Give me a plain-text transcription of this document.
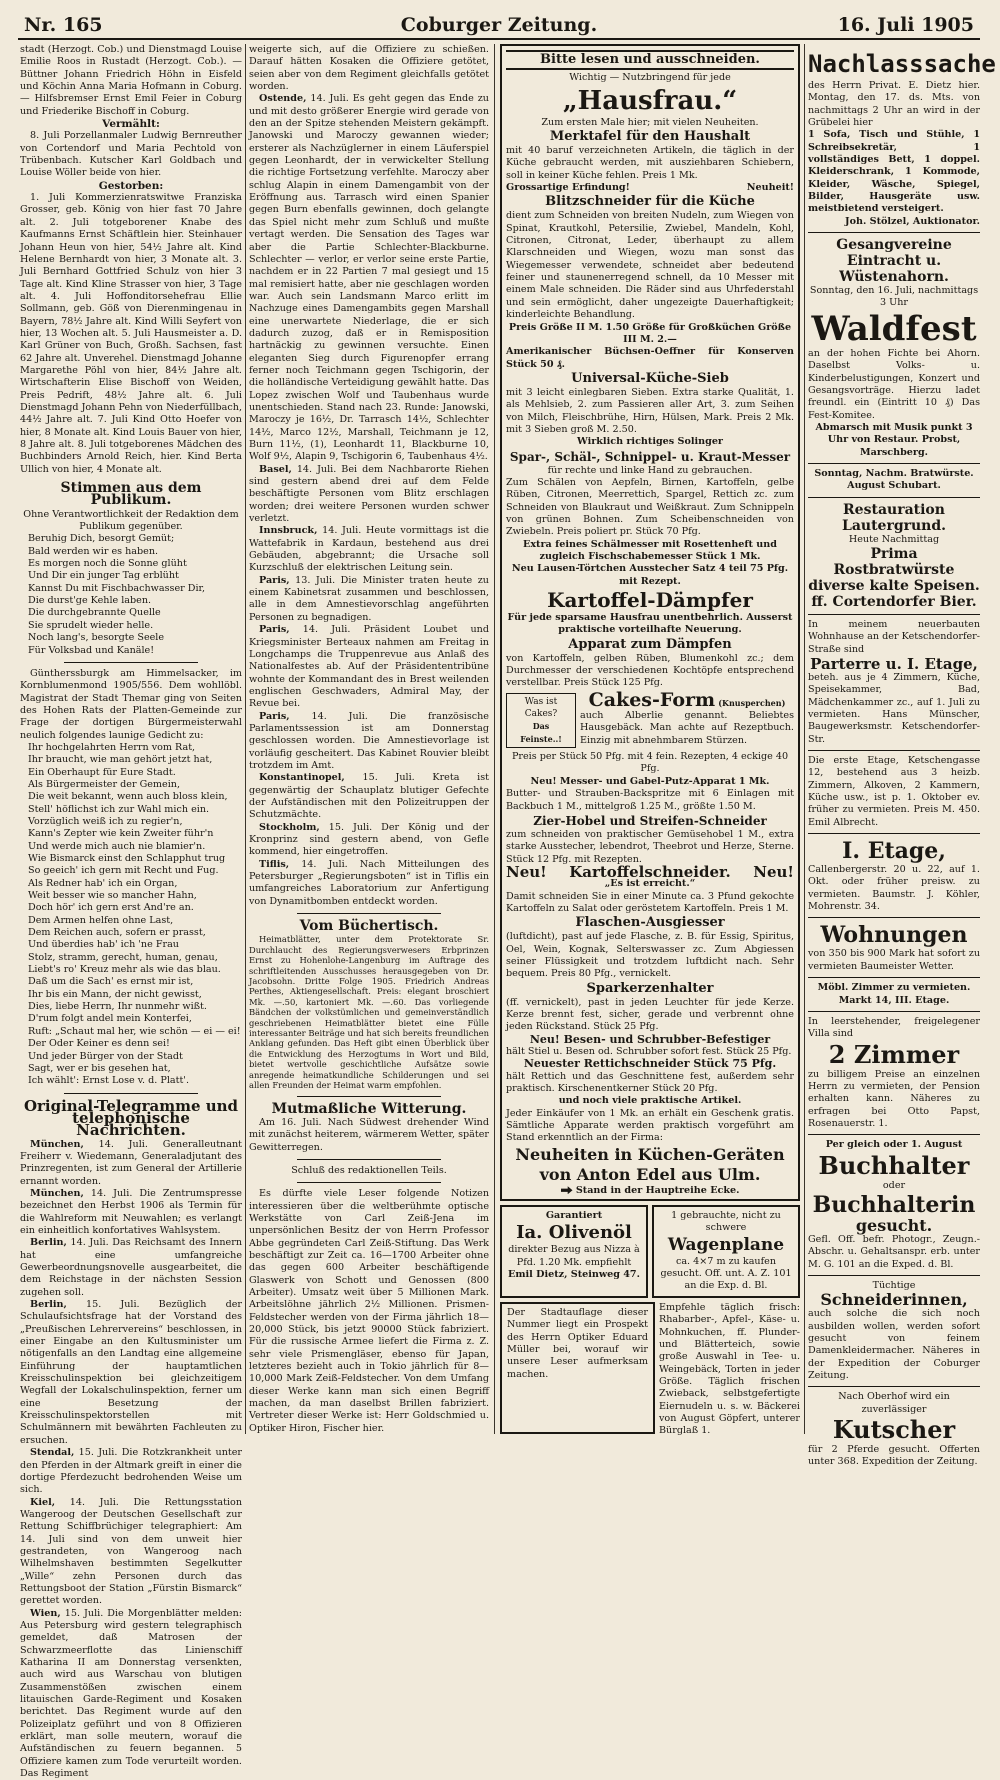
Nr. 165	Coburger Zeitung.	16. Juli 1905

stadt (Herzogt. Cob.) und Dienstmagd Louise Emilie Roos in Rustadt (Herzogt. Cob.). — Büttner Johann Friedrich Höhn in Eisfeld und Köchin Anna Maria Hofmann in Coburg. — Hilfsbremser Ernst Emil Feier in Coburg und Friederike Bischoff in Coburg.

Vermählt:

8. Juli Porzellanmaler Ludwig Bernreuther von Cortendorf und Maria Pechtold von Trübenbach. Kutscher Karl Goldbach und Louise Wöller beide von hier.

Gestorben:

1. Juli Kommerzienratswitwe Franziska Grosser, geb. König von hier fast 70 Jahre alt. 2. Juli totgeborener Knabe des Kaufmanns Ernst Schäftlein hier. Steinhauer Johann Heun von hier, 54½ Jahre alt. Kind Helene Bernhardt von hier, 3 Monate alt. 3. Juli Bernhard Gottfried Schulz von hier 3 Tage alt. Kind Kline Strasser von hier, 3 Tage alt. 4. Juli Hoffonditorsehefrau Ellie Sollmann, geb. Göß von Dierenmingenau in Bayern, 78½ Jahre alt. Kind Willi Seyfert von hier, 13 Wochen alt. 5. Juli Hausmeister a. D. Karl Grüner von Buch, Großh. Sachsen, fast 62 Jahre alt. Unverehel. Dienstmagd Johanne Margarethe Pöhl von hier, 84½ Jahre alt. Wirtschafterin Elise Bischoff von Weiden, Preis Pedrift, 48½ Jahre alt. 6. Juli Dienstmagd Johann Pehn von Niederfüllbach, 44½ Jahre alt. 7. Juli Kind Otto Hoefer von hier, 8 Monate alt. Kind Louis Bauer von hier, 8 Jahre alt. 8. Juli totgeborenes Mädchen des Buchbinders Arnold Reich, hier. Kind Berta Ullich von hier, 4 Monate alt.

Stimmen aus dem Publikum.

Ohne Verantwortlichkeit der Redaktion dem Publikum gegenüber.

Beruhig Dich, besorgt Gemüt;

Bald werden wir es haben.

Es morgen noch die Sonne glüht

Und Dir ein junger Tag erblüht

Kannst Du mit Fischbachwasser Dir,

Die durst'ge Kehle laben.

Die durchgebrannte Quelle

Sie sprudelt wieder helle.

Noch lang's, besorgte Seele

Für Volksbad und Kanäle!

Güntherssburgk am Himmelsacker, im Kornblumenmond 1905/556. Dem wohllöbl. Magistrat der Stadt Themar ging von Seiten des Hohen Rats der Platten-Gemeinde zur Frage der dortigen Bürgermeisterwahl neulich folgendes launige Gedicht zu:

Ihr hochgelahrten Herrn vom Rat,

Ihr braucht, wie man gehört jetzt hat,

Ein Oberhaupt für Eure Stadt.

Als Bürgermeister der Gemein,

Die weit bekannt, wenn auch bloss klein,

Stell' höflichst ich zur Wahl mich ein.

Vorzüglich weiß ich zu regier'n,

Kann's Zepter wie kein Zweiter führ'n

Und werde mich auch nie blamier'n.

Wie Bismarck einst den Schlapphut trug

So geeich' ich gern mit Recht und Fug.

Als Redner hab' ich ein Organ,

Weit besser wie so mancher Hahn,

Doch hör' ich gern erst And're an.

Dem Armen helfen ohne Last,

Dem Reichen auch, sofern er prasst,

Und überdies hab' ich 'ne Frau

Stolz, stramm, gerecht, human, genau,

Liebt's ro' Kreuz mehr als wie das blau.

Daß um die Sach' es ernst mir ist,

Ihr bis ein Mann, der nicht gewisst,

Dies, liebe Herrn, Ihr nunmehr wißt.

D'rum folgt andel mein Konterfei,

Ruft: „Schaut mal her, wie schön — ei — ei!

Der Oder Keiner es denn sei!

Und jeder Bürger von der Stadt

Sagt, wer er bis gesehen hat,

Ich wählt': Ernst Lose v. d. Platt'.

Original-Telegramme und telephonische Nachrichten.

München, 14. Juli. Generalleutnant Freiherr v. Wiedemann, Generaladjutant des Prinzregenten, ist zum General der Artillerie ernannt worden.

München, 14. Juli. Die Zentrumspresse bezeichnet den Herbst 1906 als Termin für die Wahlreform mit Neuwahlen; es verlangt ein einheitlich konfortatives Wahlsystem.

Berlin, 14. Juli. Das Reichsamt des Innern hat eine umfangreiche Gewerbeordnungsnovelle ausgearbeitet, die dem Reichstage in der nächsten Session zugehen soll.

Berlin, 15. Juli. Bezüglich der Schulaufsichtsfrage hat der Vorstand des „Preußischen Lehrervereins“ beschlossen, in einer Eingabe an den Kultusminister um nötigenfalls an den Landtag eine allgemeine Einführung der hauptamtlichen Kreisschulinspektion bei gleichzeitigem Wegfall der Lokalschulinspektion, ferner um eine Besetzung der Kreisschulinspektorstellen mit Schulmännern mit bewährten Fachleuten zu ersuchen.

Stendal, 15. Juli. Die Rotzkrankheit unter den Pferden in der Altmark greift in einer die dortige Pferdezucht bedrohenden Weise um sich.

Kiel, 14. Juli. Die Rettungsstation Wangeroog der Deutschen Gesellschaft zur Rettung Schiffbrüchiger telegraphiert: Am 14. Juli sind von dem unweit hier gestrandeten, von Wangeroog nach Wilhelmshaven bestimmten Segelkutter „Wille“ zehn Personen durch das Rettungsboot der Station „Fürstin Bismarck“ gerettet worden.

Wien, 15. Juli. Die Morgenblätter melden: Aus Petersburg wird gestern telegraphisch gemeldet, daß Matrosen der Schwarzmeerflotte das Linienschiff Katharina II am Donnerstag versenkten, auch wird aus Warschau von blutigen Zusammenstößen zwischen einem litauischen Garde-Regiment und Kosaken berichtet. Das Regiment wurde auf den Polizeiplatz geführt und von 8 Offizieren erklärt, man solle meutern, worauf die Aufständischen zu feuern begannen. 5 Offiziere kamen zum Tode verurteilt worden. Das Regiment

weigerte sich, auf die Offiziere zu schießen. Darauf hätten Kosaken die Offiziere getötet, seien aber von dem Regiment gleichfalls getötet worden.

Ostende, 14. Juli. Es geht gegen das Ende zu und mit desto größerer Energie wird gerade von den an der Spitze stehenden Meistern gekämpft. Janowski und Maroczy gewannen wieder; ersterer als Nachzüglerner in einem Läuferspiel gegen Leonhardt, der in verwickelter Stellung die richtige Fortsetzung verfehlte. Maroczy aber schlug Alapin in einem Damengambit von der Eröffnung aus. Tarrasch wird einen Spanier gegen Burn ebenfalls gewinnen, doch gelangte das Spiel nicht mehr zum Schluß und mußte vertagt werden. Die Sensation des Tages war aber die Partie Schlechter-Blackburne. Schlechter — verlor, er verlor seine erste Partie, nachdem er in 22 Partien 7 mal gesiegt und 15 mal remisiert hatte, aber nie geschlagen worden war. Auch sein Landsmann Marco erlitt im Nachzuge eines Damengambits gegen Marshall eine unerwartete Niederlage, die er sich dadurch zuzog, daß er in Remisposition hartnäckig zu gewinnen versuchte. Einen eleganten Sieg durch Figurenopfer errang ferner noch Teichmann gegen Tschigorin, der die holländische Verteidigung gewählt hatte. Das Lopez zwischen Wolf und Taubenhaus wurde unentschieden. Stand nach 23. Runde: Janowski, Maroczy je 16½, Dr. Tarrasch 14½, Schlechter 14½, Marco 12½, Marshall, Teichmann je 12, Burn 11½, (1), Leonhardt 11, Blackburne 10, Wolf 9½, Alapin 9, Tschigorin 6, Taubenhaus 4½.

Basel, 14. Juli. Bei dem Nachbarorte Riehen sind gestern abend drei auf dem Felde beschäftigte Personen vom Blitz erschlagen worden; drei weitere Personen wurden schwer verletzt.

Innsbruck, 14. Juli. Heute vormittags ist die Wattefabrik in Kardaun, bestehend aus drei Gebäuden, abgebrannt; die Ursache soll Kurzschluß der elektrischen Leitung sein.

Paris, 13. Juli. Die Minister traten heute zu einem Kabinetsrat zusammen und beschlossen, alle in dem Amnestievorschlag angeführten Personen zu begnadigen.

Paris, 14. Juli. Präsident Loubet und Kriegsminister Berteaux nahmen am Freitag in Longchamps die Truppenrevue aus Anlaß des Nationalfestes ab. Auf der Präsidententribüne wohnte der Kommandant des in Brest weilenden englischen Geschwaders, Admiral May, der Revue bei.

Paris, 14. Juli. Die französische Parlamentssession ist am Donnerstag geschlossen worden. Die Amnestievorlage ist vorläufig gescheitert. Das Kabinet Rouvier bleibt trotzdem im Amt.

Konstantinopel, 15. Juli. Kreta ist gegenwärtig der Schauplatz blutiger Gefechte der Aufständischen mit den Polizeitruppen der Schutzmächte.

Stockholm, 15. Juli. Der König und der Kronprinz sind gestern abend, von Gefle kommend, hier eingetroffen.

Tiflis, 14. Juli. Nach Mitteilungen des Petersburger „Regierungsboten“ ist in Tiflis ein umfangreiches Laboratorium zur Anfertigung von Dynamitbomben entdeckt worden.

Vom Büchertisch.

Heimatblätter, unter dem Protektorate Sr. Durchlaucht des Regierungsverwesers Erbprinzen Ernst zu Hohenlohe-Langenburg im Auftrage des schriftleitenden Ausschusses herausgegeben von Dr. Jacobsohn. Dritte Folge 1905. Friedrich Andreas Perthes, Aktiengesellschaft. Preis: elegant broschiert Mk. —.50, kartoniert Mk. —.60. Das vorliegende Bändchen der volkstümlichen und gemeinverständlich geschriebenen Heimatblätter bietet eine Fülle interessanter Beiträge und hat sich bereits freundlichen Anklang gefunden. Das Heft gibt einen Überblick über die Entwicklung des Herzogtums in Wort und Bild, bietet wertvolle geschichtliche Aufsätze sowie anregende heimatkundliche Schilderungen und sei allen Freunden der Heimat warm empfohlen.

Mutmaßliche Witterung.

Am 16. Juli. Nach Südwest drehender Wind mit zunächst heiterem, wärmerem Wetter, später Gewitterregen.

Schluß des redaktionellen Teils.

Es dürfte viele Leser folgende Notizen interessieren über die weltberühmte optische Werkstätte von Carl Zeiß-Jena im unpersönlichen Besitz der von Herrn Professor Abbe gegründeten Carl Zeiß-Stiftung. Das Werk beschäftigt zur Zeit ca. 16—1700 Arbeiter ohne das gegen 600 Arbeiter beschäftigende Glaswerk von Schott und Genossen (800 Arbeiter). Umsatz weit über 5 Millionen Mark. Arbeitslöhne jährlich 2½ Millionen. Prismen-Feldstecher werden von der Firma jährlich 18—20,000 Stück, bis jetzt 90000 Stück fabriziert. Für die russische Armee liefert die Firma z. Z. sehr viele Prismengläser, ebenso für Japan, letzteres bezieht auch in Tokio jährlich für 8—10,000 Mark Zeiß-Feldstecher. Von dem Umfang dieser Werke kann man sich einen Begriff machen, da man daselbst Brillen fabriziert. Vertreter dieser Werke ist: Herr Goldschmied u. Optiker Hiron, Fischer hier.

Bitte lesen und ausschneiden.

Wichtig — Nutzbringend für jede

„Hausfrau.“

Zum ersten Male hier; mit vielen Neuheiten.

Merktafel für den Haushalt

mit 40 baruf verzeichneten Artikeln, die täglich in der Küche gebraucht werden, mit ausziehbaren Schiebern, soll in keiner Küche fehlen. Preis 1 Mk.

Grossartige Erfindung!	Neuheit!

Blitzschneider für die Küche

dient zum Schneiden von breiten Nudeln, zum Wiegen von Spinat, Krautkohl, Petersilie, Zwiebel, Mandeln, Kohl, Citronen, Citronat, Leder, überhaupt zu allem Klarschneiden und Wiegen, wozu man sonst das Wiegemesser verwendete, schneidet aber bedeutend feiner und staunenerregend schnell, da 10 Messer mit einem Male schneiden. Die Räder sind aus Uhrfederstahl und sein ermöglicht, daher ungezeigte Dauerhaftigkeit; kinderleichte Behandlung.

Preis Größe II M. 1.50 Größe für Großküchen Größe III M. 2.—

Amerikanischer Büchsen-Oeffner für Konserven Stück 50 ₰.

Universal-Küche-Sieb

mit 3 leicht einlegbaren Sieben. Extra starke Qualität, 1. als Mehlsieb, 2. zum Passieren aller Art, 3. zum Seihen von Milch, Fleischbrühe, Hirn, Hülsen, Mark. Preis 2 Mk. mit 3 Sieben groß M. 2.50.

Wirklich richtiges Solinger

Spar-, Schäl-, Schnippel- u. Kraut-Messer

für rechte und linke Hand zu gebrauchen.

Zum Schälen von Aepfeln, Birnen, Kartoffeln, gelbe Rüben, Citronen, Meerrettich, Spargel, Rettich zc. zum Schneiden von Blaukraut und Weißkraut. Zum Schnippeln von grünen Bohnen. Zum Scheibenschneiden von Zwiebeln. Preis poliert pr. Stück 70 Pfg.

Extra feines Schälmesser mit Rosettenheft und zugleich Fischschabemesser Stück 1 Mk.

Neu Lausen-Törtchen Ausstecher Satz 4 teil 75 Pfg. mit Rezept.

Kartoffel-Dämpfer

Für jede sparsame Hausfrau unentbehrlich. Ausserst praktische vorteilhafte Neuerung.

Apparat zum Dämpfen

von Kartoffeln, gelben Rüben, Blumenkohl zc.; dem Durchmesser der verschiedenen Kochtöpfe entsprechend verstellbar. Preis Stück 125 Pfg.

Was ist Cakes?
Das Feinste..!
Cakes-Form (Knusperchen)

auch Alberlie genannt. Beliebtes Hausgebäck. Man achte auf Rezeptbuch. Einzig mit abnehmbarem Stürzen.

Preis per Stück 50 Pfg. mit 4 fein. Rezepten, 4 eckige 40 Pfg.

Neu! Messer- und Gabel-Putz-Apparat 1 Mk.

Butter- und Strauben-Backspritze mit 6 Einlagen mit Backbuch 1 M., mittelgroß 1.25 M., größte 1.50 M.

Zier-Hobel und Streifen-Schneider

zum schneiden von praktischer Gemüsehobel 1 M., extra starke Ausstecher, lebendrot, Theebrot und Herze, Sterne. Stück 12 Pfg. mit Rezepten.

Neu! Kartoffelschneider. Neu!

„Es ist erreicht.“

Damit schneiden Sie in einer Minute ca. 3 Pfund gekochte Kartoffeln zu Salat oder geröstetem Kartoffeln. Preis 1 M.

Flaschen-Ausgiesser

(luftdicht), past auf jede Flasche, z. B. für Essig, Spiritus, Oel, Wein, Kognak, Selterswasser zc. Zum Abgiessen seiner Flüssigkeit und trotzdem luftdicht nach. Sehr bequem. Preis 80 Pfg., vernickelt.

Sparkerzenhalter

(ff. vernickelt), past in jeden Leuchter für jede Kerze. Kerze brennt fest, sicher, gerade und verbrennt ohne jeden Rückstand. Stück 25 Pfg.

Neu! Besen- und Schrubber-Befestiger

hält Stiel u. Besen od. Schrubber sofort fest. Stück 25 Pfg.

Neuester Rettichschneider Stück 75 Pfg.

hält Rettich und das Geschnittene fest, außerdem sehr praktisch. Kirschenentkerner Stück 20 Pfg.

und noch viele praktische Artikel.

Jeder Einkäufer von 1 Mk. an erhält ein Geschenk gratis. Sämtliche Apparate werden praktisch vorgeführt am Stand erkenntlich an der Firma:

Neuheiten in Küchen-Geräten
von Anton Edel aus Ulm.

Stand in der Hauptreihe Ecke.

Garantiert
Ia. Olivenöl

direkter Bezug aus Nizza à Pfd. 1.20 Mk. empfiehlt

Emil Dietz, Steinweg 47.

1 gebrauchte, nicht zu schwere

Wagenplane

ca. 4×7 m zu kaufen gesucht. Off. unt. A. Z. 101 an die Exp. d. Bl.

Der Stadtauflage dieser Nummer liegt ein Prospekt des Herrn Optiker Eduard Müller bei, worauf wir unsere Leser aufmerksam machen.

Empfehle täglich frisch: Rhabarber-, Apfel-, Käse- u. Mohnkuchen, ff. Plunder- und Blätterteich, sowie große Auswahl in Tee- u. Weingebäck, Torten in jeder Größe. Täglich frischen Zwieback, selbstgefertigte Eiernudeln u. s. w. Bäckerei von August Göpfert, unterer Bürglaß 1.

Nachlasssache

des Herrn Privat. E. Dietz hier. Montag, den 17. ds. Mts. von nachmittags 2 Uhr an wird in der Grübelei hier

1 Sofa, Tisch und Stühle, 1 Schreibsekretär, 1 vollständiges Bett, 1 doppel. Kleiderschrank, 1 Kommode, Kleider, Wäsche, Spiegel, Bilder, Hausgeräte usw. meistbietend versteigert.

Joh. Stölzel, Auktionator.

Gesangvereine Eintracht u. Wüstenahorn.

Sonntag, den 16. Juli, nachmittags 3 Uhr

Waldfest

an der hohen Fichte bei Ahorn. Daselbst Volks- u. Kinderbelustigungen, Konzert und Gesangsvorträge. Hierzu ladet freundl. ein (Eintritt 10 ₰) Das Fest-Komitee.

Abmarsch mit Musik punkt 3 Uhr von Restaur. Probst, Marschberg.

Sonntag, Nachm. Bratwürste. August Schubart.

Restauration Lautergrund.

Heute Nachmittag

Prima Rostbratwürste
diverse kalte Speisen.
ff. Cortendorfer Bier.

In meinem neuerbauten Wohnhause an der Ketschendorfer-Straße sind

Parterre u. I. Etage,

beteh. aus je 4 Zimmern, Küche, Speisekammer, Bad, Mädchenkammer zc., auf 1. Juli zu vermieten. Hans Münscher, Baugewerksmstr. Ketschendorfer-Str.

Die erste Etage, Ketschengasse 12, bestehend aus 3 heizb. Zimmern, Alkoven, 2 Kammern, Küche usw., ist p. 1. Oktober ev. früher zu vermieten. Preis M. 450. Emil Albrecht.

I. Etage,

Callenbergerstr. 20 u. 22, auf 1. Okt. oder früher preisw. zu vermieten. Baumstr. J. Köhler, Mohrenstr. 34.

Wohnungen

von 350 bis 900 Mark hat sofort zu vermieten Baumeister Wetter.

Möbl. Zimmer zu vermieten. Markt 14, III. Etage.

In leerstehender, freigelegener Villa sind

2 Zimmer

zu billigem Preise an einzelnen Herrn zu vermieten, der Pension erhalten kann. Näheres zu erfragen bei Otto Papst, Rosenauerstr. 1.

Per gleich oder 1. August

Buchhalter

oder

Buchhalterin
gesucht.

Gefl. Off. befr. Photogr., Zeugn.-Abschr. u. Gehaltsanspr. erb. unter M. G. 101 an die Exped. d. Bl.

Tüchtige

Schneiderinnen,

auch solche die sich noch ausbilden wollen, werden sofort gesucht von feinem Damenkleidermacher. Näheres in der Expedition der Coburger Zeitung.

Nach Oberhof wird ein zuverlässiger

Kutscher

für 2 Pferde gesucht. Offerten unter 368. Expedition der Zeitung.
